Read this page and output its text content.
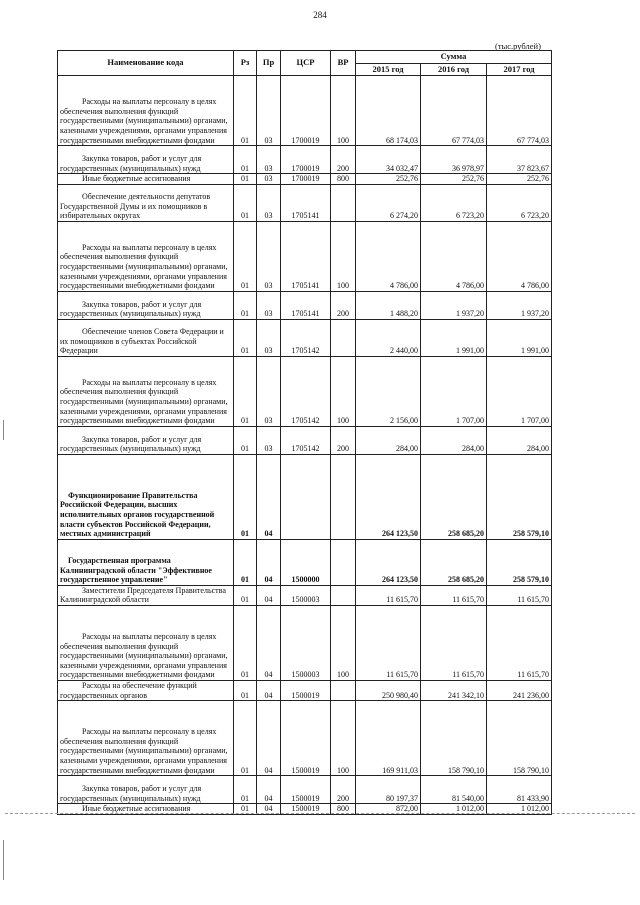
284
(тыс.рублей)
Наименование кода	Рз	Пр	ЦСР	ВР	Сумма		
					2015 год	2016 год	2017 год

Расходы на выплаты персоналу в целях обеспечения выполнения функций государственными (муниципальными) органами, казенными учреждениями, органами управления государственными внебюджетными фондами	01	03	1700019	100	68 174,03	67 774,03	67 774,03

Закупка товаров, работ и услуг для государственных (муниципальных) нужд	01	03	1700019	200	34 032,47	36 978,97	37 823,67

Иные бюджетные ассигнования	01	03	1700019	800	252,76	252,76	252,76

Обеспечение деятельности депутатов Государственной Думы и их помощников в избирательных округах	01	03	1705141		6 274,20	6 723,20	6 723,20

Расходы на выплаты персоналу в целях обеспечения выполнения функций государственными (муниципальными) органами, казенными учреждениями, органами управления государственными внебюджетными фондами	01	03	1705141	100	4 786,00	4 786,00	4 786,00

Закупка товаров, работ и услуг для государственных (муниципальных) нужд	01	03	1705141	200	1 488,20	1 937,20	1 937,20

Обеспечение членов Совета Федерации и их помощников в субъектах Российской Федерации	01	03	1705142		2 440,00	1 991,00	1 991,00

Расходы на выплаты персоналу в целях обеспечения выполнения функций государственными (муниципальными) органами, казенными учреждениями, органами управления государственными внебюджетными фондами	01	03	1705142	100	2 156,00	1 707,00	1 707,00

Закупка товаров, работ и услуг для государственных (муниципальных) нужд	01	03	1705142	200	284,00	284,00	284,00

Функционирование Правительства Российской Федерации, высших исполнительных органов государственной власти субъектов Российской Федерации, местных администраций	01	04			264 123,50	258 685,20	258 579,10

Государственная программа Калининградской области "Эффективное государственное управление"	01	04	1500000		264 123,50	258 685,20	258 579,10

Заместители Председателя Правительства Калининградской области	01	04	1500003		11 615,70	11 615,70	11 615,70

Расходы на выплаты персоналу в целях обеспечения выполнения функций государственными (муниципальными) органами, казенными учреждениями, органами управления государственными внебюджетными фондами	01	04	1500003	100	11 615,70	11 615,70	11 615,70

Расходы на обеспечение функций государственных органов	01	04	1500019		250 980,40	241 342,10	241 236,00

Расходы на выплаты персоналу в целях обеспечения выполнения функций государственными (муниципальными) органами, казенными учреждениями, органами управления государственными внебюджетными фондами	01	04	1500019	100	169 911,03	158 790,10	158 790,10

Закупка товаров, работ и услуг для государственных (муниципальных) нужд	01	04	1500019	200	80 197,37	81 540,00	81 433,90

Иные бюджетные ассигнования	01	04	1500019	800	872,00	1 012,00	1 012,00
